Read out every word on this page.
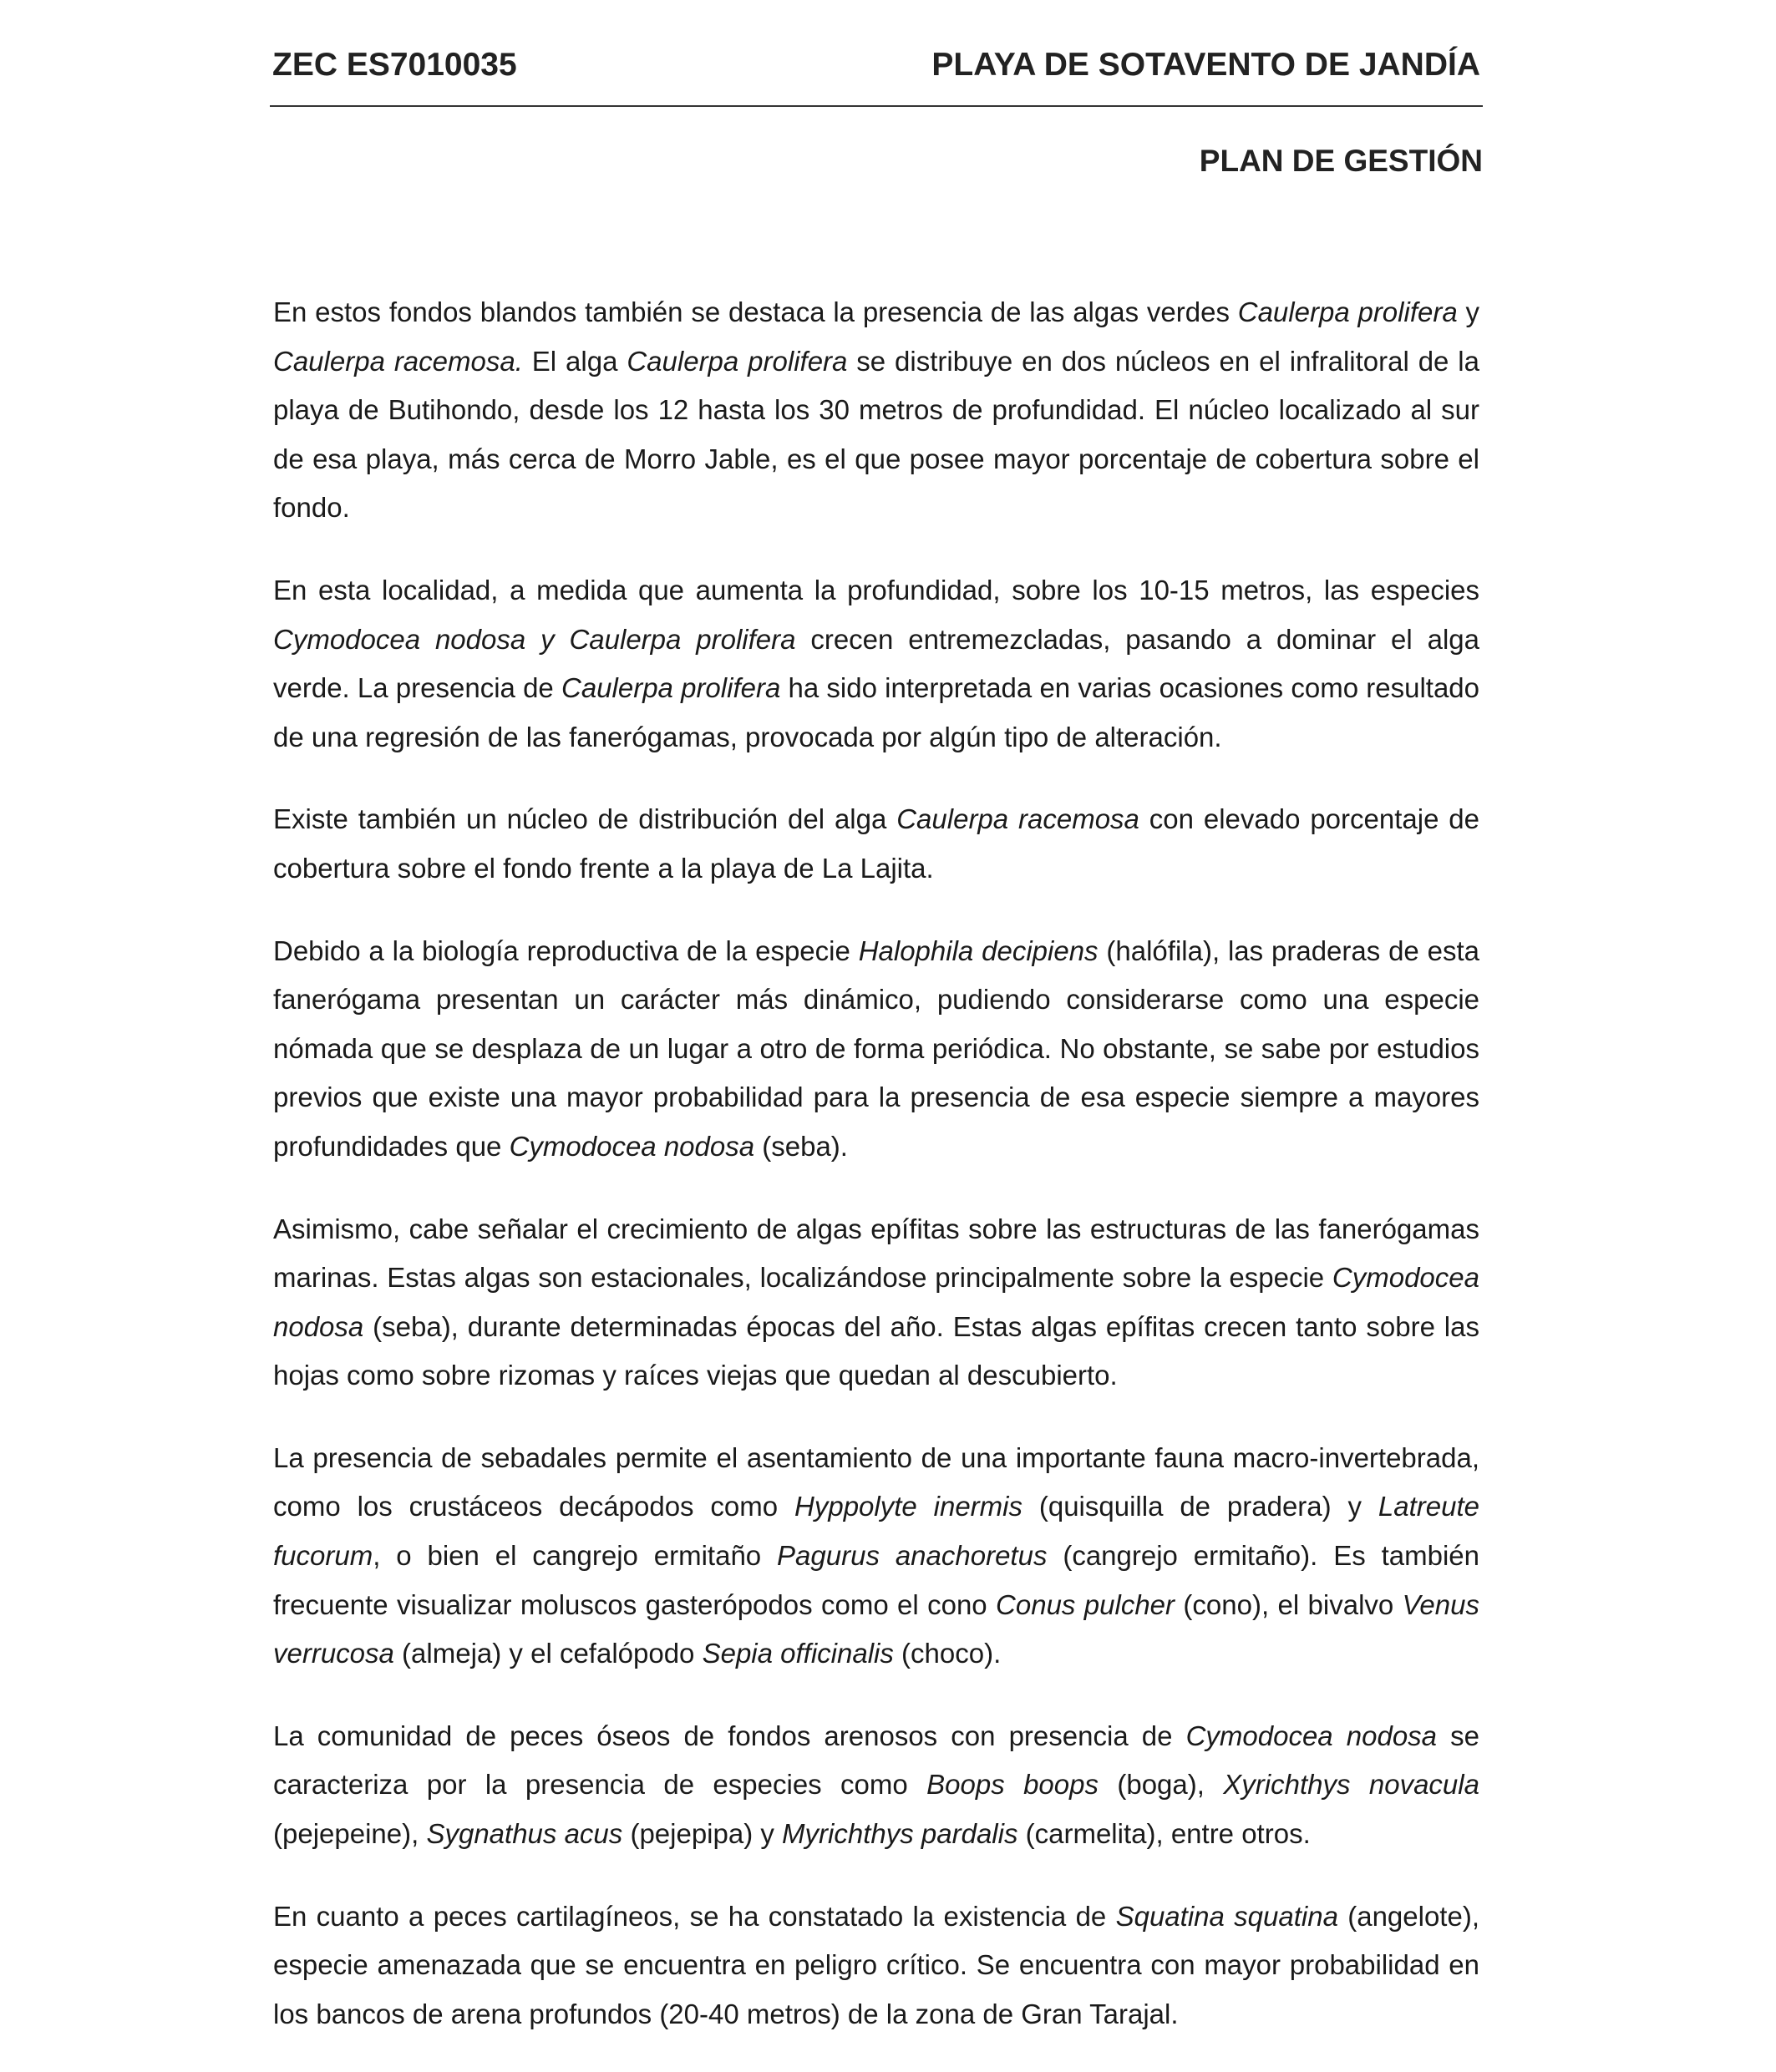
ZEC ES7010035	PLAYA DE SOTAVENTO DE JANDÍA
PLAN DE GESTIÓN

En estos fondos blandos también se destaca la presencia de las algas verdes Caulerpa prolifera y Caulerpa racemosa. El alga Caulerpa prolifera se distribuye en dos núcleos en el infralitoral de la playa de Butihondo, desde los 12 hasta los 30 metros de profundidad. El núcleo localizado al sur de esa playa, más cerca de Morro Jable, es el que posee mayor porcentaje de cobertura sobre el fondo.

En esta localidad, a medida que aumenta la profundidad, sobre los 10-15 metros, las especies Cymodocea nodosa y Caulerpa prolifera crecen entremezcladas, pasando a dominar el alga verde. La presencia de Caulerpa prolifera ha sido interpretada en varias ocasiones como resultado de una regresión de las fanerógamas, provocada por algún tipo de alteración.

Existe también un núcleo de distribución del alga Caulerpa racemosa con elevado porcentaje de cobertura sobre el fondo frente a la playa de La Lajita.

Debido a la biología reproductiva de la especie Halophila decipiens (halófila), las praderas de esta fanerógama presentan un carácter más dinámico, pudiendo considerarse como una especie nómada que se desplaza de un lugar a otro de forma periódica. No obstante, se sabe por estudios previos que existe una mayor probabilidad para la presencia de esa especie siempre a mayores profundidades que Cymodocea nodosa (seba).

Asimismo, cabe señalar el crecimiento de algas epífitas sobre las estructuras de las fanerógamas marinas. Estas algas son estacionales, localizándose principalmente sobre la especie Cymodocea nodosa (seba), durante determinadas épocas del año. Estas algas epífitas crecen tanto sobre las hojas como sobre rizomas y raíces viejas que quedan al descubierto.

La presencia de sebadales permite el asentamiento de una importante fauna macro-invertebrada, como los crustáceos decápodos como Hyppolyte inermis (quisquilla de pradera) y Latreute fucorum, o bien el cangrejo ermitaño Pagurus anachoretus (cangrejo ermitaño). Es también frecuente visualizar moluscos gasterópodos como el cono Conus pulcher (cono), el bivalvo Venus verrucosa (almeja) y el cefalópodo Sepia officinalis (choco).

La comunidad de peces óseos de fondos arenosos con presencia de Cymodocea nodosa se caracteriza por la presencia de especies como Boops boops (boga), Xyrichthys novacula (pejepeine), Sygnathus acus (pejepipa) y Myrichthys pardalis (carmelita), entre otros.

En cuanto a peces cartilagíneos, se ha constatado la existencia de Squatina squatina (angelote), especie amenazada que se encuentra en peligro crítico. Se encuentra con mayor probabilidad en los bancos de arena profundos (20-40 metros) de la zona de Gran Tarajal.
